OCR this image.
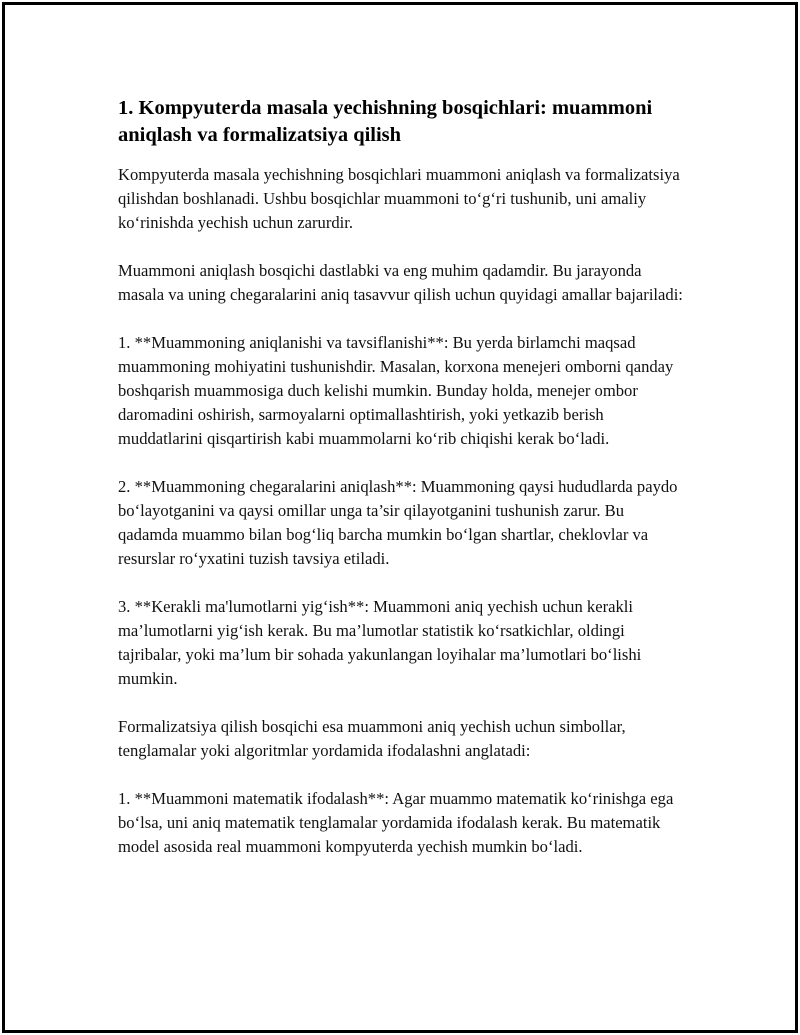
1. Kompyuterda masala yechishning bosqichlari: muammoni aniqlash va formalizatsiya qilish

Kompyuterda masala yechishning bosqichlari muammoni aniqlash va formalizatsiya qilishdan boshlanadi. Ushbu bosqichlar muammoni to‘g‘ri tushunib, uni amaliy ko‘rinishda yechish uchun zarurdir.

Muammoni aniqlash bosqichi dastlabki va eng muhim qadamdir. Bu jarayonda masala va uning chegaralarini aniq tasavvur qilish uchun quyidagi amallar bajariladi:

1. **Muammoning aniqlanishi va tavsiflanishi**: Bu yerda birlamchi maqsad muammoning mohiyatini tushunishdir. Masalan, korxona menejeri omborni qanday boshqarish muammosiga duch kelishi mumkin. Bunday holda, menejer ombor daromadini oshirish, sarmoyalarni optimallashtirish, yoki yetkazib berish muddatlarini qisqartirish kabi muammolarni ko‘rib chiqishi kerak bo‘ladi.

2. **Muammoning chegaralarini aniqlash**: Muammoning qaysi hududlarda paydo bo‘layotganini va qaysi omillar unga ta’sir qilayotganini tushunish zarur. Bu qadamda muammo bilan bog‘liq barcha mumkin bo‘lgan shartlar, cheklovlar va resurslar ro‘yxatini tuzish tavsiya etiladi.

3. **Kerakli ma'lumotlarni yig‘ish**: Muammoni aniq yechish uchun kerakli ma’lumotlarni yig‘ish kerak. Bu ma’lumotlar statistik ko‘rsatkichlar, oldingi tajribalar, yoki ma’lum bir sohada yakunlangan loyihalar ma’lumotlari bo‘lishi mumkin.

Formalizatsiya qilish bosqichi esa muammoni aniq yechish uchun simbollar, tenglamalar yoki algoritmlar yordamida ifodalashni anglatadi:

1. **Muammoni matematik ifodalash**: Agar muammo matematik ko‘rinishga ega bo‘lsa, uni aniq matematik tenglamalar yordamida ifodalash kerak. Bu matematik model asosida real muammoni kompyuterda yechish mumkin bo‘ladi.
